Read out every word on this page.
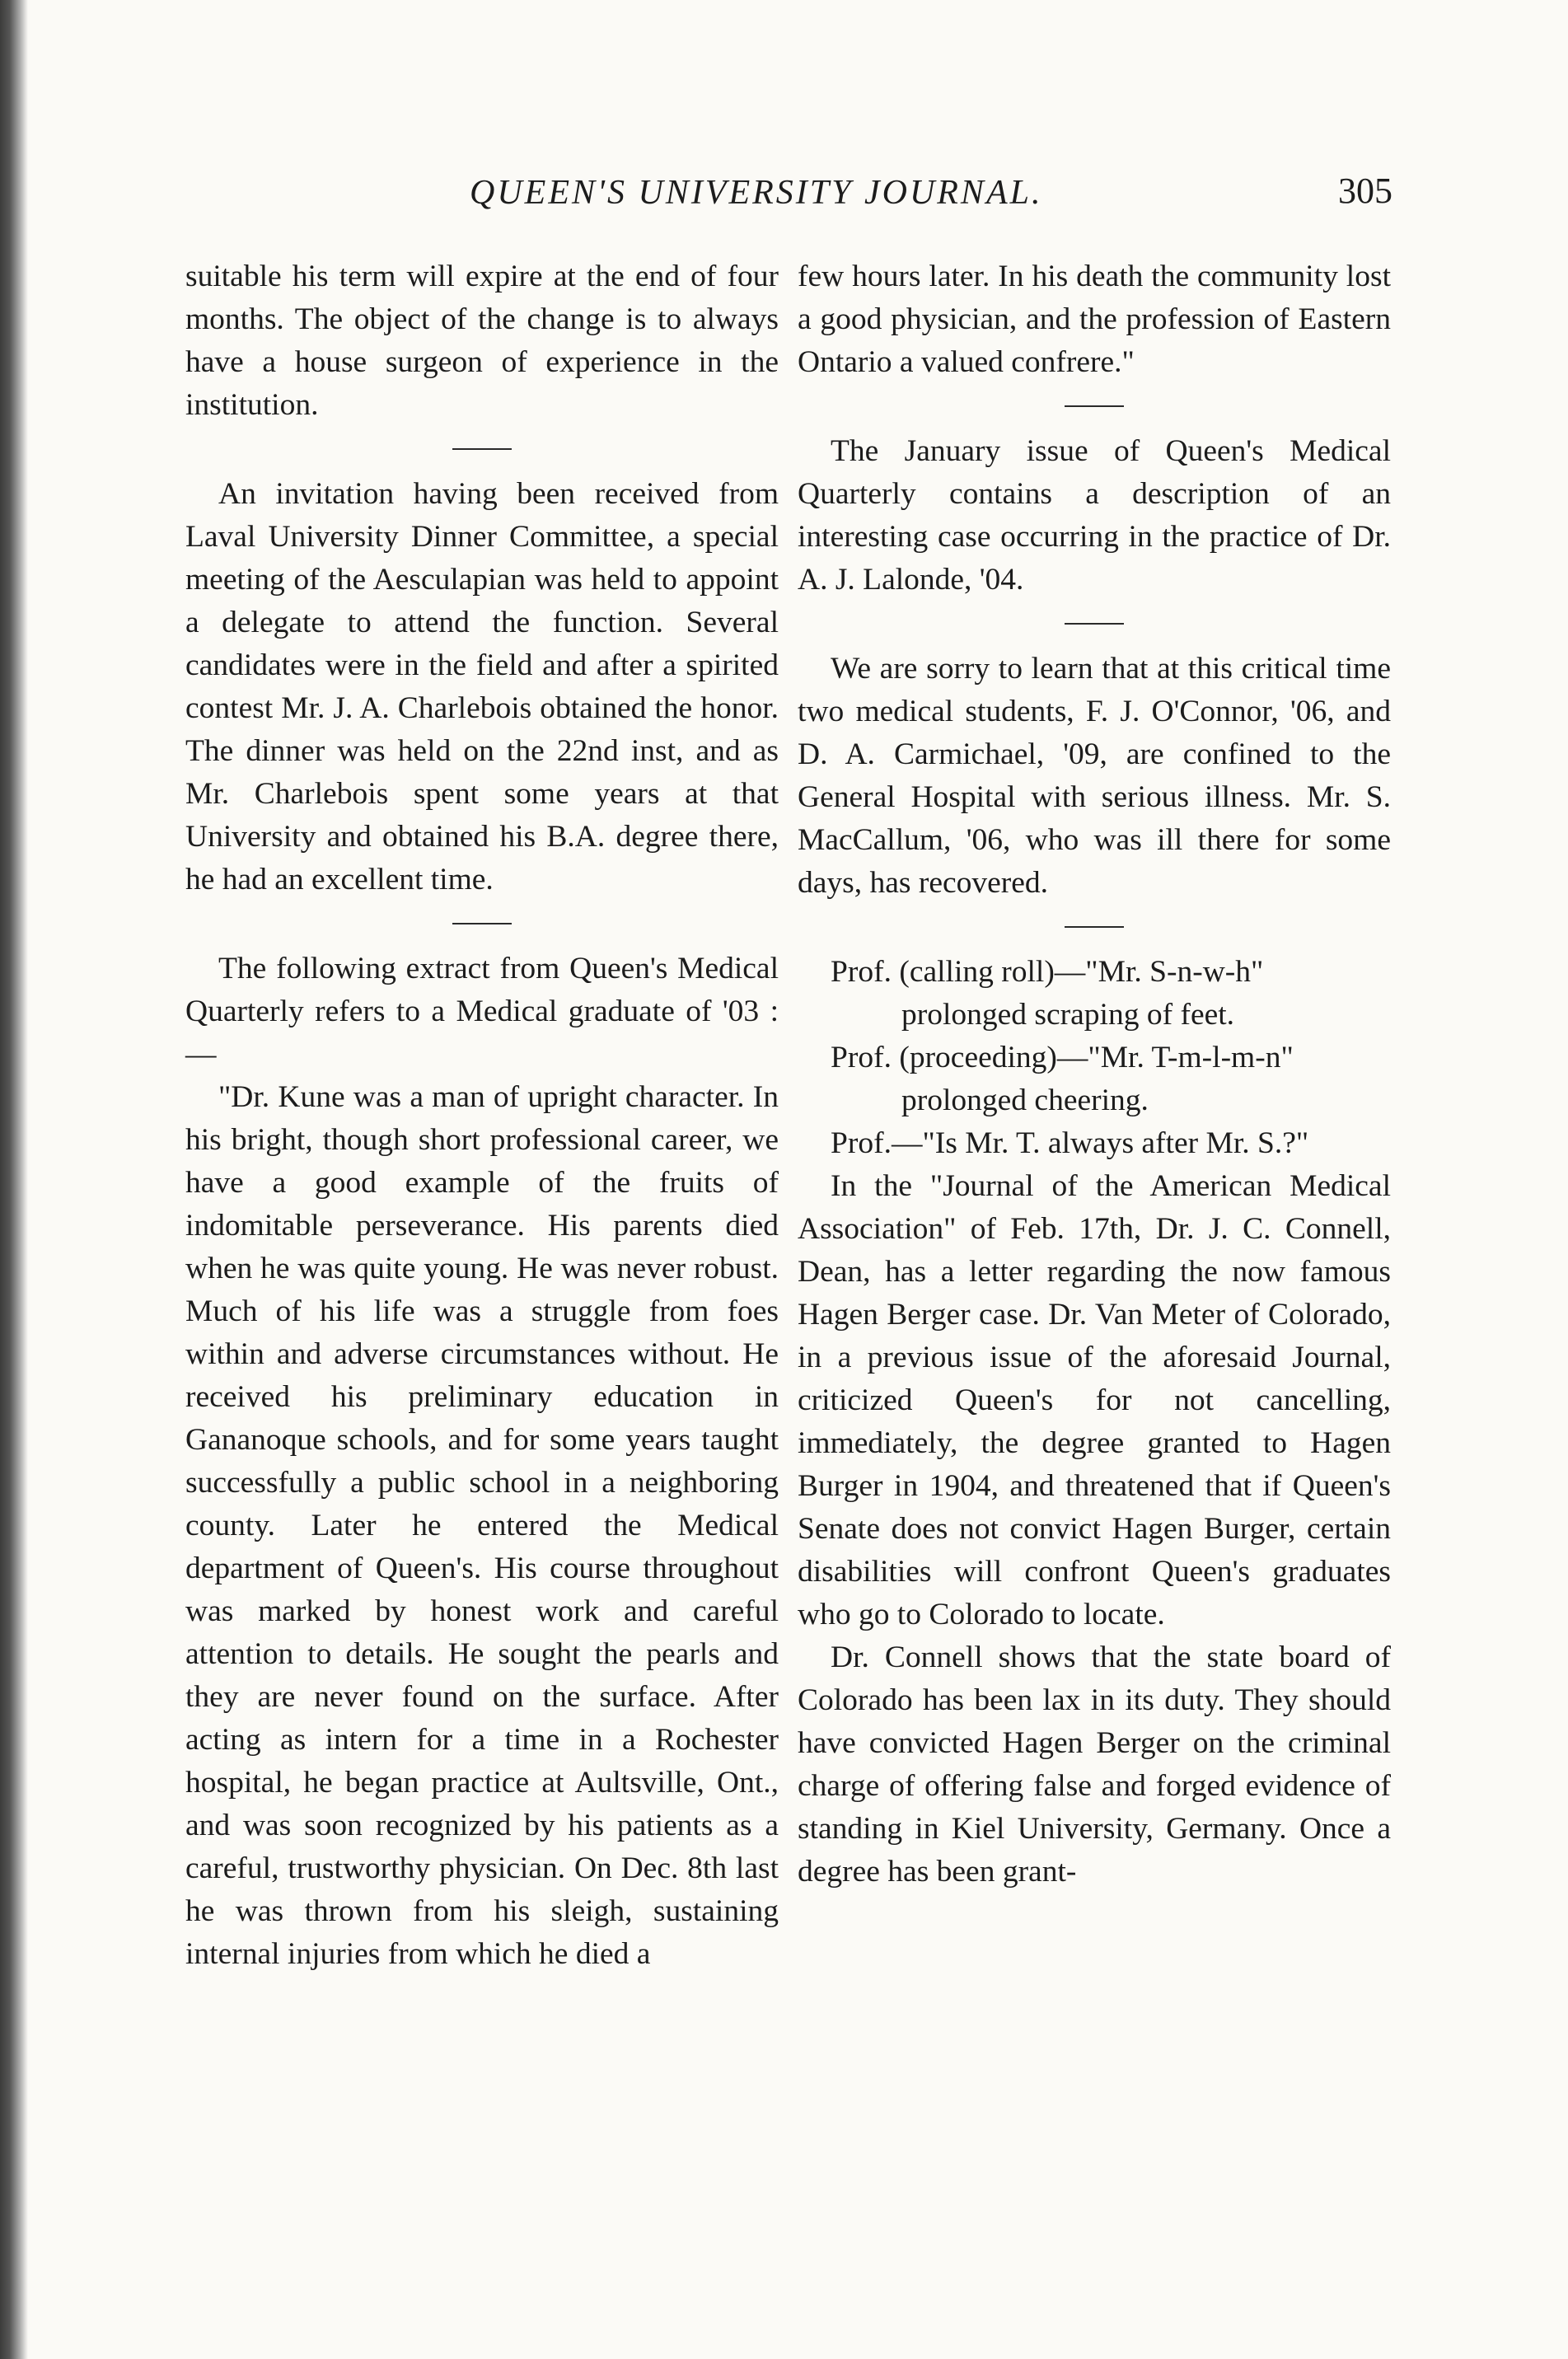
QUEEN'S UNIVERSITY JOURNAL.	305

suitable his term will expire at the end of four months. The object of the change is to always have a house surgeon of experience in the institution.

An invitation having been received from Laval University Dinner Committee, a special meeting of the Aesculapian was held to appoint a delegate to attend the function. Several candidates were in the field and after a spirited contest Mr. J. A. Charlebois obtained the honor. The dinner was held on the 22nd inst, and as Mr. Charlebois spent some years at that University and obtained his B.A. degree there, he had an excellent time.

The following extract from Queen's Medical Quarterly refers to a Medical graduate of '03 :—

"Dr. Kune was a man of upright character. In his bright, though short professional career, we have a good example of the fruits of indomitable perseverance. His parents died when he was quite young. He was never robust. Much of his life was a struggle from foes within and adverse circumstances without. He received his preliminary education in Gananoque schools, and for some years taught successfully a public school in a neighboring county. Later he entered the Medical department of Queen's. His course throughout was marked by honest work and careful attention to details. He sought the pearls and they are never found on the surface. After acting as intern for a time in a Rochester hospital, he began practice at Aultsville, Ont., and was soon recognized by his patients as a careful, trustworthy physician. On Dec. 8th last he was thrown from his sleigh, sustaining internal injuries from which he died a

few hours later. In his death the community lost a good physician, and the profession of Eastern Ontario a valued confrere."

The January issue of Queen's Medical Quarterly contains a description of an interesting case occurring in the practice of Dr. A. J. Lalonde, '04.

We are sorry to learn that at this critical time two medical students, F. J. O'Connor, '06, and D. A. Carmichael, '09, are confined to the General Hospital with serious illness. Mr. S. MacCallum, '06, who was ill there for some days, has recovered.

Prof. (calling roll)—"Mr. S-n-w-h"

prolonged scraping of feet.

Prof. (proceeding)—"Mr. T-m-l-m-n"

prolonged cheering.

Prof.—"Is Mr. T. always after Mr. S.?"

In the "Journal of the American Medical Association" of Feb. 17th, Dr. J. C. Connell, Dean, has a letter regarding the now famous Hagen Berger case. Dr. Van Meter of Colorado, in a previous issue of the aforesaid Journal, criticized Queen's for not cancelling, immediately, the degree granted to Hagen Burger in 1904, and threatened that if Queen's Senate does not convict Hagen Burger, certain disabilities will confront Queen's graduates who go to Colorado to locate.

Dr. Connell shows that the state board of Colorado has been lax in its duty. They should have convicted Hagen Berger on the criminal charge of offering false and forged evidence of standing in Kiel University, Germany. Once a degree has been grant-
